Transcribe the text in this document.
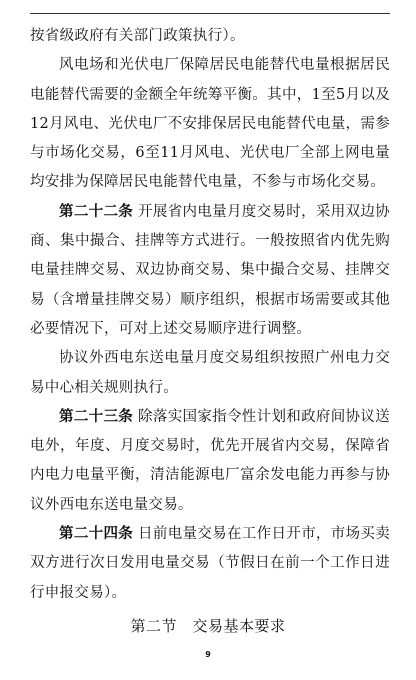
按省级政府有关部门政策执行）。

风电场和光伏电厂保障居民电能替代电量根据居民电能替代需要的金额全年统筹平衡。其中，1至5月以及12月风电、光伏电厂不安排保居民电能替代电量，需参与市场化交易，6至11月风电、光伏电厂全部上网电量均安排为保障居民电能替代电量，不参与市场化交易。

第二十二条 开展省内电量月度交易时，采用双边协商、集中撮合、挂牌等方式进行。一般按照省内优先购电量挂牌交易、双边协商交易、集中撮合交易、挂牌交易（含增量挂牌交易）顺序组织，根据市场需要或其他必要情况下，可对上述交易顺序进行调整。

协议外西电东送电量月度交易组织按照广州电力交易中心相关规则执行。

第二十三条 除落实国家指令性计划和政府间协议送电外，年度、月度交易时，优先开展省内交易，保障省内电力电量平衡，清洁能源电厂富余发电能力再参与协议外西电东送电量交易。

第二十四条 日前电量交易在工作日开市，市场买卖双方进行次日发用电量交易（节假日在前一个工作日进行申报交易）。

第二节　交易基本要求
9
